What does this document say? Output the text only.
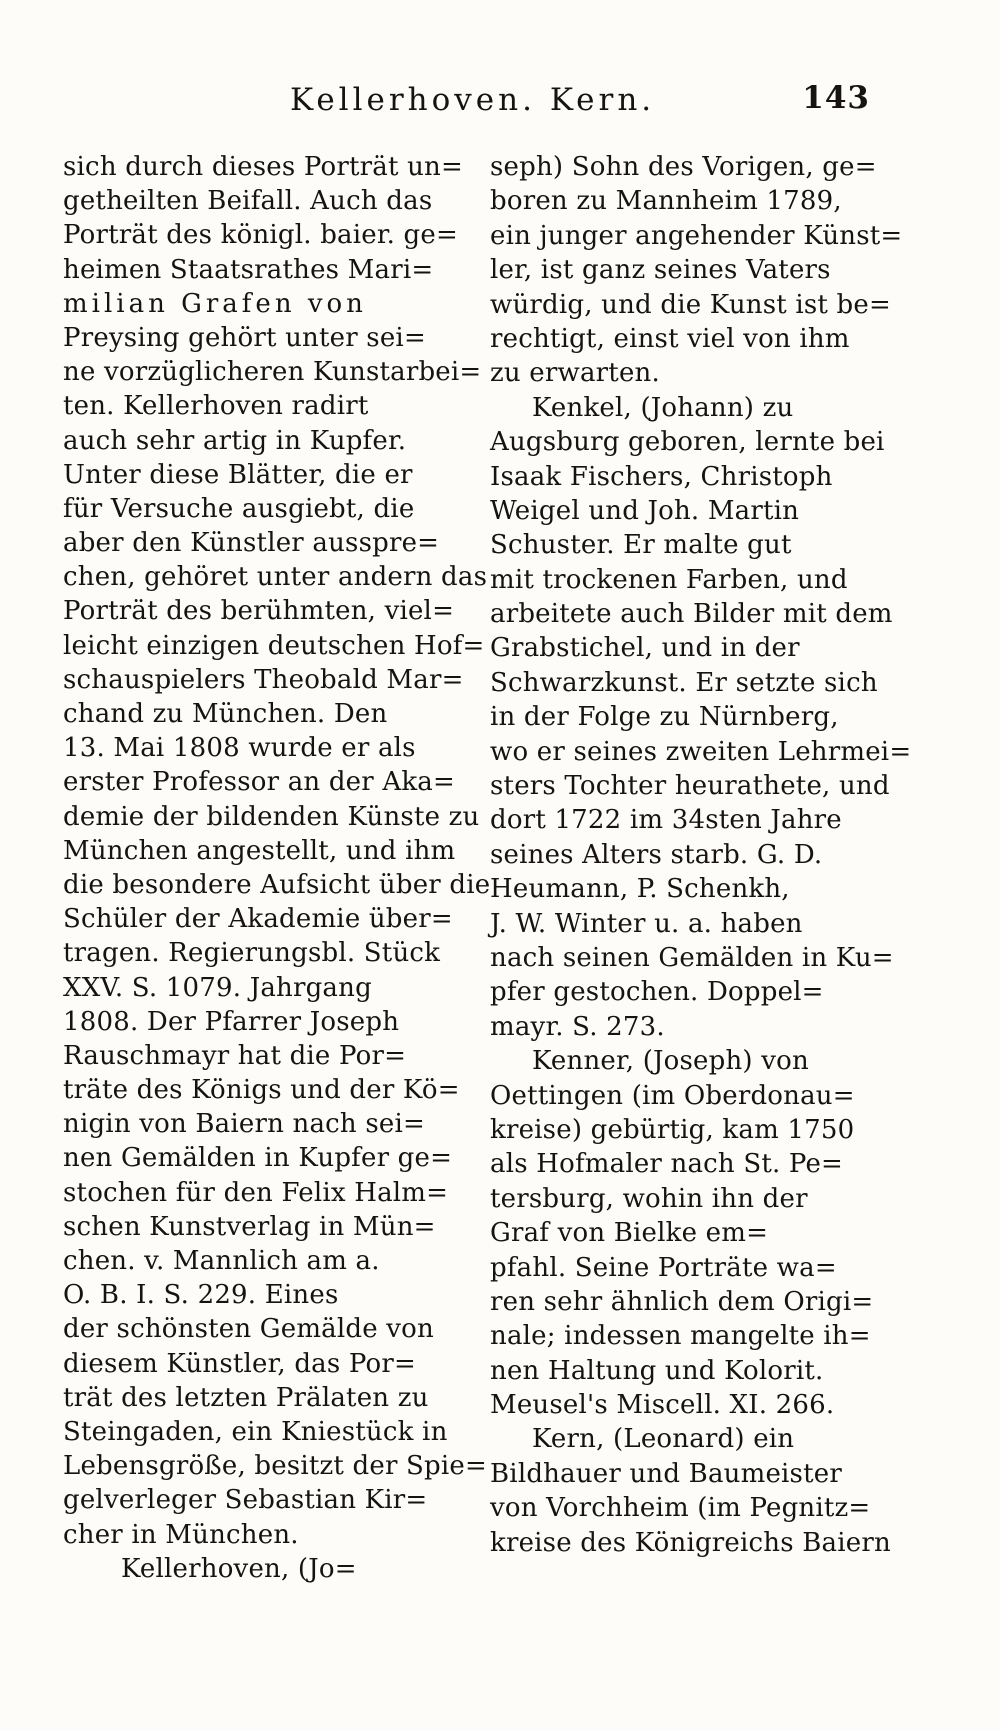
Kellerhoven. Kern.	143
sich durch dieses Porträt un=
getheilten Beifall. Auch das
Porträt des königl. baier. ge=
heimen Staatsrathes Mari=
milian Grafen von
Preysing gehört unter sei=
ne vorzüglicheren Kunstarbei=
ten. Kellerhoven radirt
auch sehr artig in Kupfer.
Unter diese Blätter, die er
für Versuche ausgiebt, die
aber den Künstler ausspre=
chen, gehöret unter andern das
Porträt des berühmten, viel=
leicht einzigen deutschen Hof=
schauspielers Theobald Mar=
chand zu München. Den
13. Mai 1808 wurde er als
erster Professor an der Aka=
demie der bildenden Künste zu
München angestellt, und ihm
die besondere Aufsicht über die
Schüler der Akademie über=
tragen. Regierungsbl. Stück
XXV. S. 1079. Jahrgang
1808. Der Pfarrer Joseph
Rauschmayr hat die Por=
träte des Königs und der Kö=
nigin von Baiern nach sei=
nen Gemälden in Kupfer ge=
stochen für den Felix Halm=
schen Kunstverlag in Mün=
chen. v. Mannlich am a.
O. B. I. S. 229. Eines
der schönsten Gemälde von
diesem Künstler, das Por=
trät des letzten Prälaten zu
Steingaden, ein Kniestück in
Lebensgröße, besitzt der Spie=
gelverleger Sebastian Kir=
cher in München.
Kellerhoven, (Jo=
seph) Sohn des Vorigen, ge=
boren zu Mannheim 1789,
ein junger angehender Künst=
ler, ist ganz seines Vaters
würdig, und die Kunst ist be=
rechtigt, einst viel von ihm
zu erwarten.
Kenkel, (Johann) zu
Augsburg geboren, lernte bei
Isaak Fischers, Christoph
Weigel und Joh. Martin
Schuster. Er malte gut
mit trockenen Farben, und
arbeitete auch Bilder mit dem
Grabstichel, und in der
Schwarzkunst. Er setzte sich
in der Folge zu Nürnberg,
wo er seines zweiten Lehrmei=
sters Tochter heurathete, und
dort 1722 im 34sten Jahre
seines Alters starb. G. D.
Heumann, P. Schenkh,
J. W. Winter u. a. haben
nach seinen Gemälden in Ku=
pfer gestochen. Doppel=
mayr. S. 273.
Kenner, (Joseph) von
Oettingen (im Oberdonau=
kreise) gebürtig, kam 1750
als Hofmaler nach St. Pe=
tersburg, wohin ihn der
Graf von Bielke em=
pfahl. Seine Porträte wa=
ren sehr ähnlich dem Origi=
nale; indessen mangelte ih=
nen Haltung und Kolorit.
Meusel's Miscell. XI. 266.
Kern, (Leonard) ein
Bildhauer und Baumeister
von Vorchheim (im Pegnitz=
kreise des Königreichs Baiern
